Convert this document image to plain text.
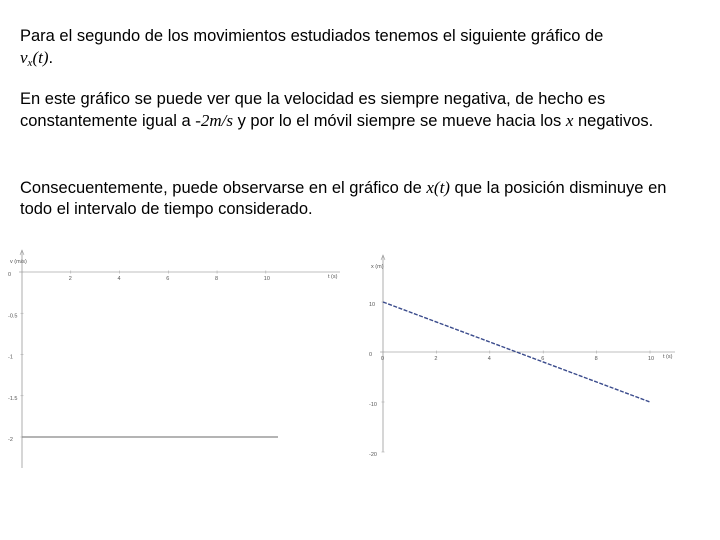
Para el segundo de los movimientos estudiados tenemos el siguiente gráfico de
$v_x(t)$.

En este gráfico se puede ver que la velocidad es siempre negativa, de hecho es constantemente igual a -2m/s y por lo el móvil siempre se mueve hacia los x negativos.

Consecuentemente, puede observarse en el gráfico de x(t) que la posición disminuye en todo el intervalo de tiempo considerado.

v (m/s)
t (s)
2	4	6	8	10
0
-0.5
-1
-1.5
-2
x (m)
t (s)
0	2	4	6	8	10
10
0
-10
-20
